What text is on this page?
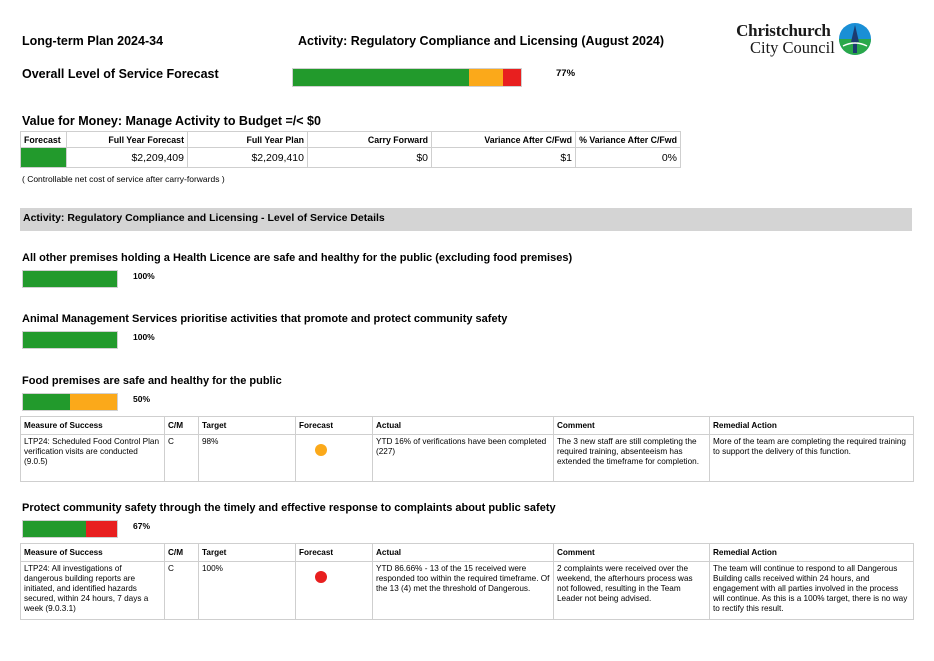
Long-term Plan 2024-34	Activity: Regulatory Compliance and Licensing (August 2024)
Christchurch
City Council
Overall Level of Service Forecast	77%
Value for Money: Manage Activity to Budget =/< $0
Forecast	Full Year Forecast	Full Year Plan	Carry Forward	Variance After C/Fwd	% Variance After C/Fwd
	$2,209,409	$2,209,410	$0	$1	0%
( Controllable net cost of service after carry-forwards )
Activity: Regulatory Compliance and Licensing - Level of Service Details
All other premises holding a Health Licence are safe and healthy for the public (excluding food premises)
100%
Animal Management Services prioritise activities that promote and protect community safety
100%
Food premises are safe and healthy for the public
50%
Measure of Success	C/M	Target	Forecast	Actual	Comment	Remedial Action
LTP24: Scheduled Food Control Plan verification visits are conducted (9.0.5)	C	98%		YTD 16% of verifications have been completed (227)	The 3 new staff are still completing the required training, absenteeism has extended the timeframe for completion.	More of the team are completing the required training to support the delivery of this function.
Protect community safety through the timely and effective response to complaints about public safety
67%
Measure of Success	C/M	Target	Forecast	Actual	Comment	Remedial Action
LTP24: All investigations of dangerous building reports are initiated, and identified hazards secured, within 24 hours, 7 days a week (9.0.3.1)	C	100%		YTD 86.66% - 13 of the 15 received were responded too within the required timeframe. Of the 13 (4) met the threshold of Dangerous.	2 complaints were received over the weekend, the afterhours process was not followed, resulting in the Team Leader not being advised.	The team will continue to respond to all Dangerous Building calls received within 24 hours, and engagement with all parties involved in the process will continue. As this is a 100% target, there is no way to rectify this result.
